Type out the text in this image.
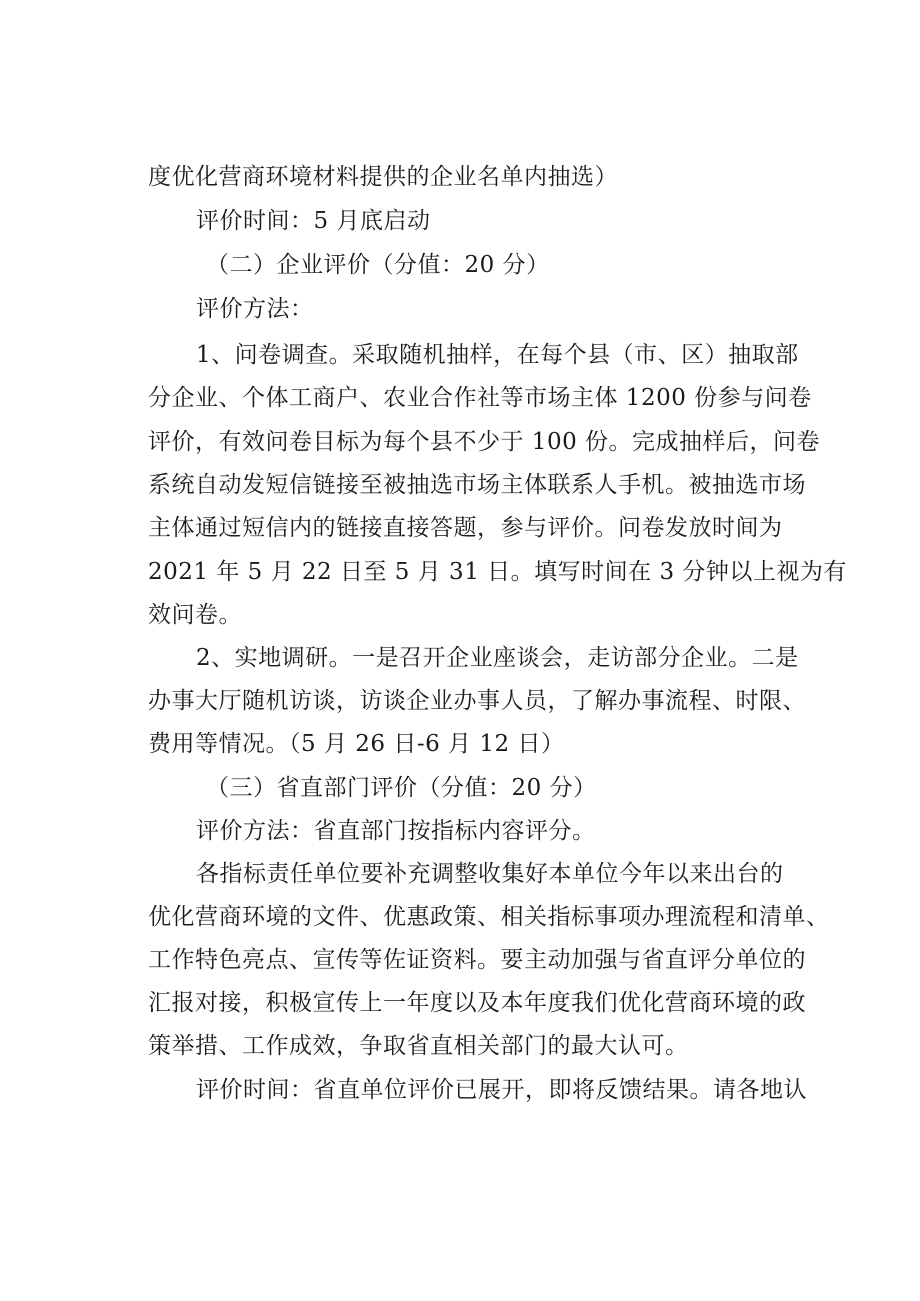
度优化营商环境材料提供的企业名单内抽选）

评价时间：5 月底启动

（二）企业评价（分值：20 分）

评价方法：

1、问卷调查。采取随机抽样，在每个县（市、区）抽取部

分企业、个体工商户、农业合作社等市场主体 1200 份参与问卷

评价，有效问卷目标为每个县不少于 100 份。完成抽样后，问卷

系统自动发短信链接至被抽选市场主体联系人手机。被抽选市场

主体通过短信内的链接直接答题，参与评价。问卷发放时间为

2021 年 5 月 22 日至 5 月 31 日。填写时间在 3 分钟以上视为有

效问卷。

2、实地调研。一是召开企业座谈会，走访部分企业。二是

办事大厅随机访谈，访谈企业办事人员，了解办事流程、时限、

费用等情况。（5 月 26 日-6 月 12 日）

（三）省直部门评价（分值：20 分）

评价方法：省直部门按指标内容评分。

各指标责任单位要补充调整收集好本单位今年以来出台的

优化营商环境的文件、优惠政策、相关指标事项办理流程和清单、

工作特色亮点、宣传等佐证资料。要主动加强与省直评分单位的

汇报对接，积极宣传上一年度以及本年度我们优化营商环境的政

策举措、工作成效，争取省直相关部门的最大认可。

评价时间：省直单位评价已展开，即将反馈结果。请各地认
